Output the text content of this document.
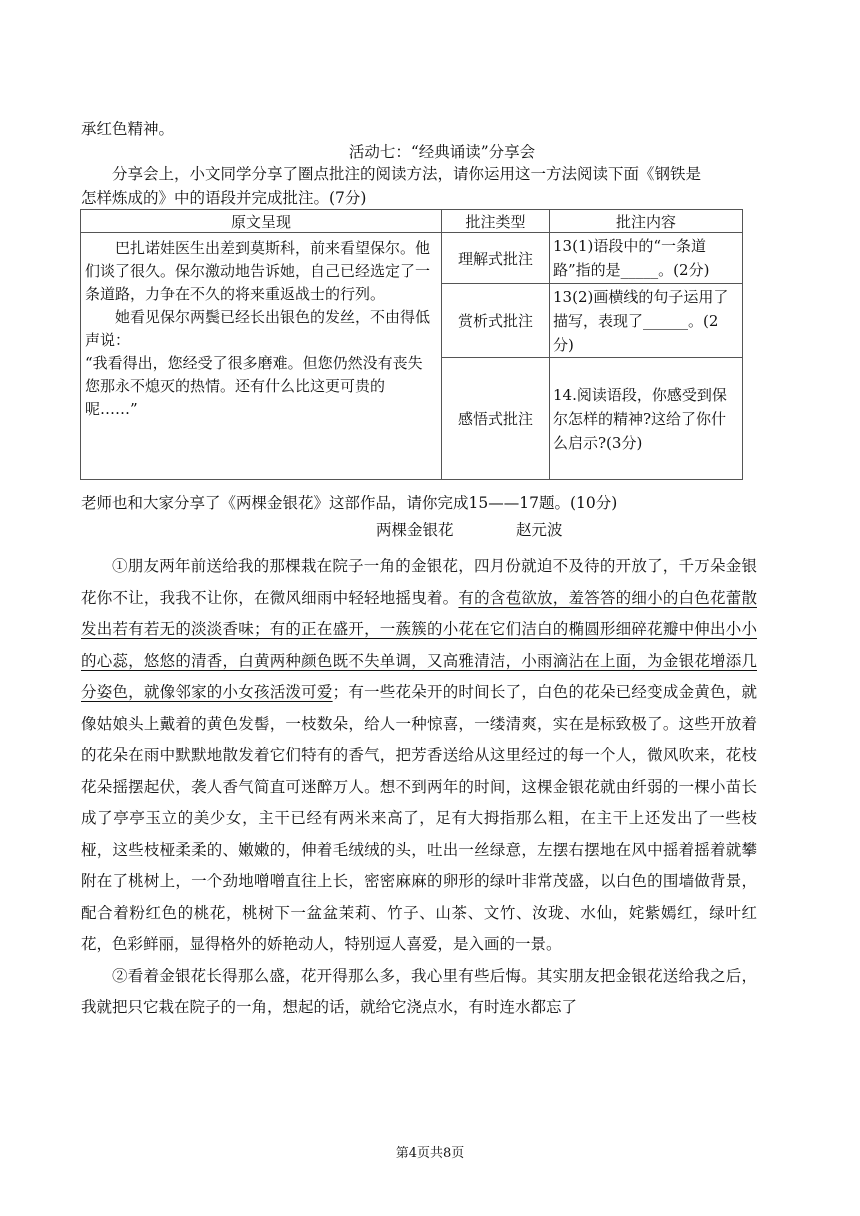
承红色精神。
活动七：“经典诵读”分享会
分享会上，小文同学分享了圈点批注的阅读方法，请你运用这一方法阅读下面《钢铁是
怎样炼成的》中的语段并完成批注。(7分)
原文呈现	批注类型	批注内容

巴扎诺娃医生出差到莫斯科，前来看望保尔。他们谈了很久。保尔激动地告诉她，自己已经选定了一条道路，力争在不久的将来重返战士的行列。

她看见保尔两鬓已经长出银色的发丝，不由得低声说：

“我看得出，您经受了很多磨难。但您仍然没有丧失您那永不熄灭的热情。还有什么比这更可贵的呢……”	理解式批注	13(1)语段中的“一条道路”指的是_____。(2分)
	赏析式批注	13(2)画横线的句子运用了描写，表现了______。(2分)
	感悟式批注	14.阅读语段，你感受到保尔怎样的精神?这给了你什么启示?(3分)
老师也和大家分享了《两棵金银花》这部作品，请你完成15——17题。(10分)
两棵金银花	赵元波

①朋友两年前送给我的那棵栽在院子一角的金银花，四月份就迫不及待的开放了，千万朵金银花你不让，我我不让你，在微风细雨中轻轻地摇曳着。有的含苞欲放，羞答答的细小的白色花蕾散发出若有若无的淡淡香味；有的正在盛开，一蔟簇的小花在它们洁白的椭圆形细碎花瓣中伸出小小的心蕊，悠悠的清香，白黄两种颜色既不失单调，又高雅清洁，小雨滴沾在上面，为金银花增添几分姿色，就像邻家的小女孩活泼可爱；有一些花朵开的时间长了，白色的花朵已经变成金黄色，就像姑娘头上戴着的黄色发髻，一枝数朵，给人一种惊喜，一缕清爽，实在是标致极了。这些开放着的花朵在雨中默默地散发着它们特有的香气，把芳香送给从这里经过的每一个人，微风吹来，花枝花朵摇摆起伏，袭人香气简直可迷醉万人。想不到两年的时间，这棵金银花就由纤弱的一棵小苗长成了亭亭玉立的美少女，主干已经有两米来高了，足有大拇指那么粗，在主干上还发出了一些枝桠，这些枝桠柔柔的、嫩嫩的，伸着毛绒绒的头，吐出一丝绿意，左摆右摆地在风中摇着摇着就攀附在了桃树上，一个劲地噌噌直往上长，密密麻麻的卵形的绿叶非常茂盛，以白色的围墙做背景，配合着粉红色的桃花，桃树下一盆盆茉莉、竹子、山茶、文竹、汝珑、水仙，姹紫嫣红，绿叶红花，色彩鲜丽，显得格外的娇艳动人，特别逗人喜爱，是入画的一景。

②看着金银花长得那么盛，花开得那么多，我心里有些后悔。其实朋友把金银花送给我之后，我就把只它栽在院子的一角，想起的话，就给它浇点水，有时连水都忘了

第4页共8页
